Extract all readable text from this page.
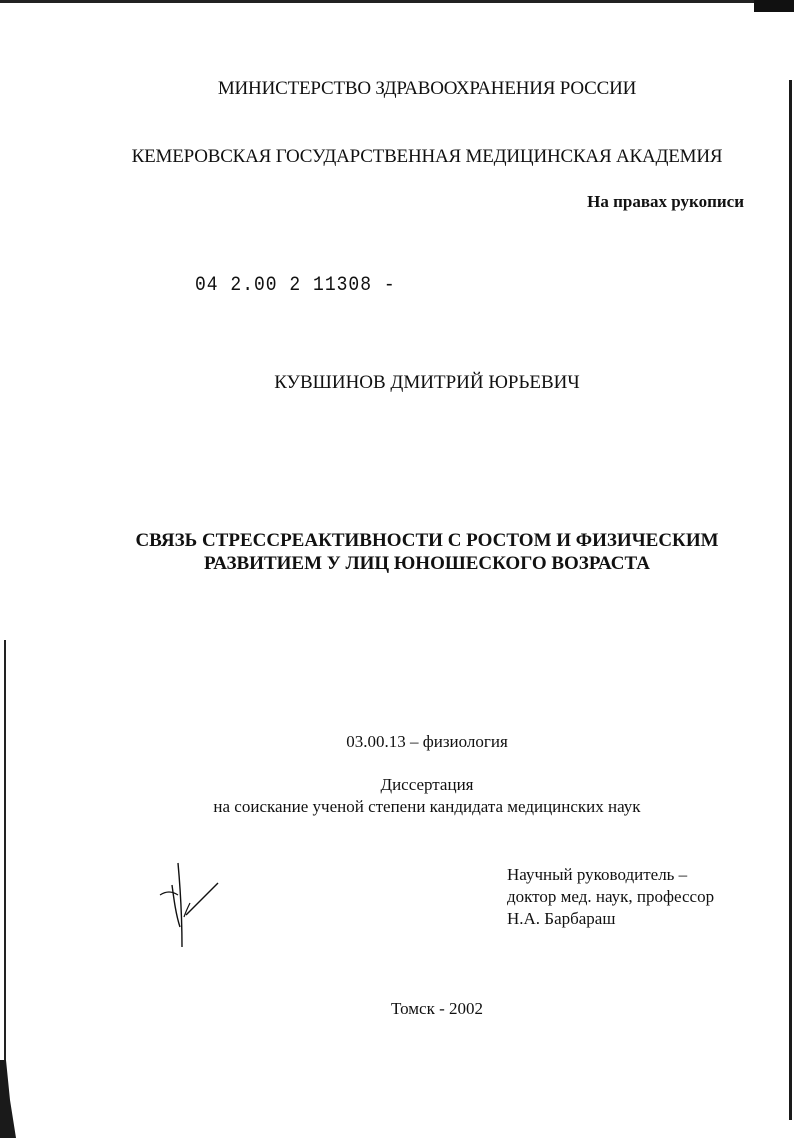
МИНИСТЕРСТВО ЗДРАВООХРАНЕНИЯ РОССИИ
КЕМЕРОВСКАЯ ГОСУДАРСТВЕННАЯ МЕДИЦИНСКАЯ АКАДЕМИЯ
На правах рукописи
04 2.00 2 11308 -
КУВШИНОВ ДМИТРИЙ ЮРЬЕВИЧ
СВЯЗЬ СТРЕССРЕАКТИВНОСТИ С РОСТОМ И ФИЗИЧЕСКИМ
РАЗВИТИЕМ У ЛИЦ ЮНОШЕСКОГО ВОЗРАСТА
03.00.13 – физиология
Диссертация
на соискание ученой степени кандидата медицинских наук
Научный руководитель –
доктор мед. наук, профессор
Н.А. Барбараш
Томск - 2002
